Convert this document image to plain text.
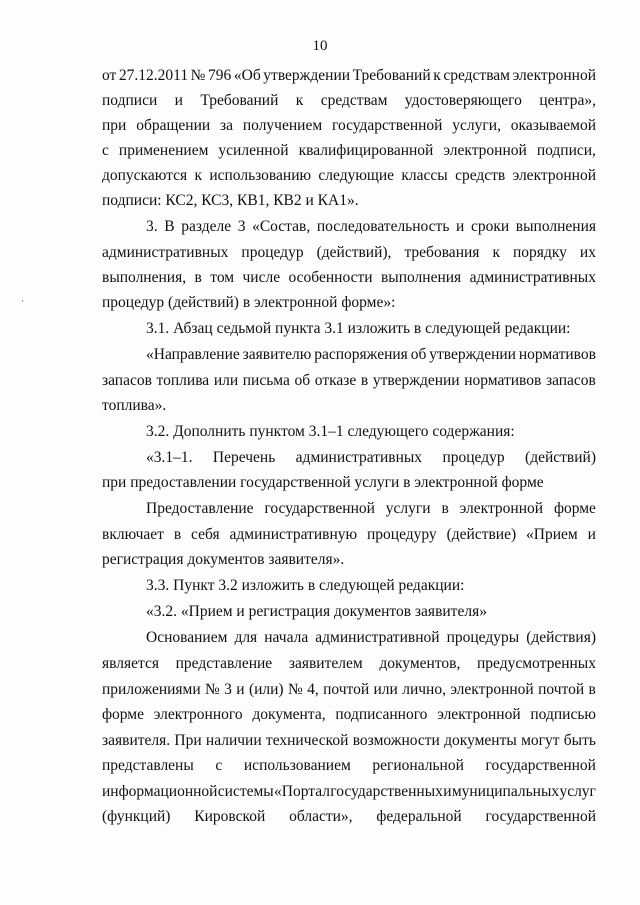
10
от 27.12.2011 № 796 «Об утверждении Требований к средствам электронной
подписи и Требований к средствам удостоверяющего центра»,
при обращении за получением государственной услуги, оказываемой
с применением усиленной квалифицированной электронной подписи,
допускаются к использованию следующие классы средств электронной
подписи: КС2, КС3, КВ1, КВ2 и КА1».
3. В разделе 3 «Состав, последовательность и сроки выполнения
административных процедур (действий), требования к порядку их
выполнения, в том числе особенности выполнения административных
процедур (действий) в электронной форме»:
3.1. Абзац седьмой пункта 3.1 изложить в следующей редакции:
«Направление заявителю распоряжения об утверждении нормативов
запасов топлива или письма об отказе в утверждении нормативов запасов
топлива».
3.2. Дополнить пунктом 3.1–1 следующего содержания:
«3.1–1. Перечень административных процедур (действий)
при предоставлении государственной услуги в электронной форме
Предоставление государственной услуги в электронной форме
включает в себя административную процедуру (действие) «Прием и
регистрация документов заявителя».
3.3. Пункт 3.2 изложить в следующей редакции:
«3.2. «Прием и регистрация документов заявителя»
Основанием для начала административной процедуры (действия)
является представление заявителем документов, предусмотренных
приложениями № 3 и (или) № 4, почтой или лично, электронной почтой в
форме электронного документа, подписанного электронной подписью
заявителя. При наличии технической возможности документы могут быть
представлены с использованием региональной государственной
информационной системы «Портал государственных и муниципальных услуг
(функций) Кировской области», федеральной государственной
